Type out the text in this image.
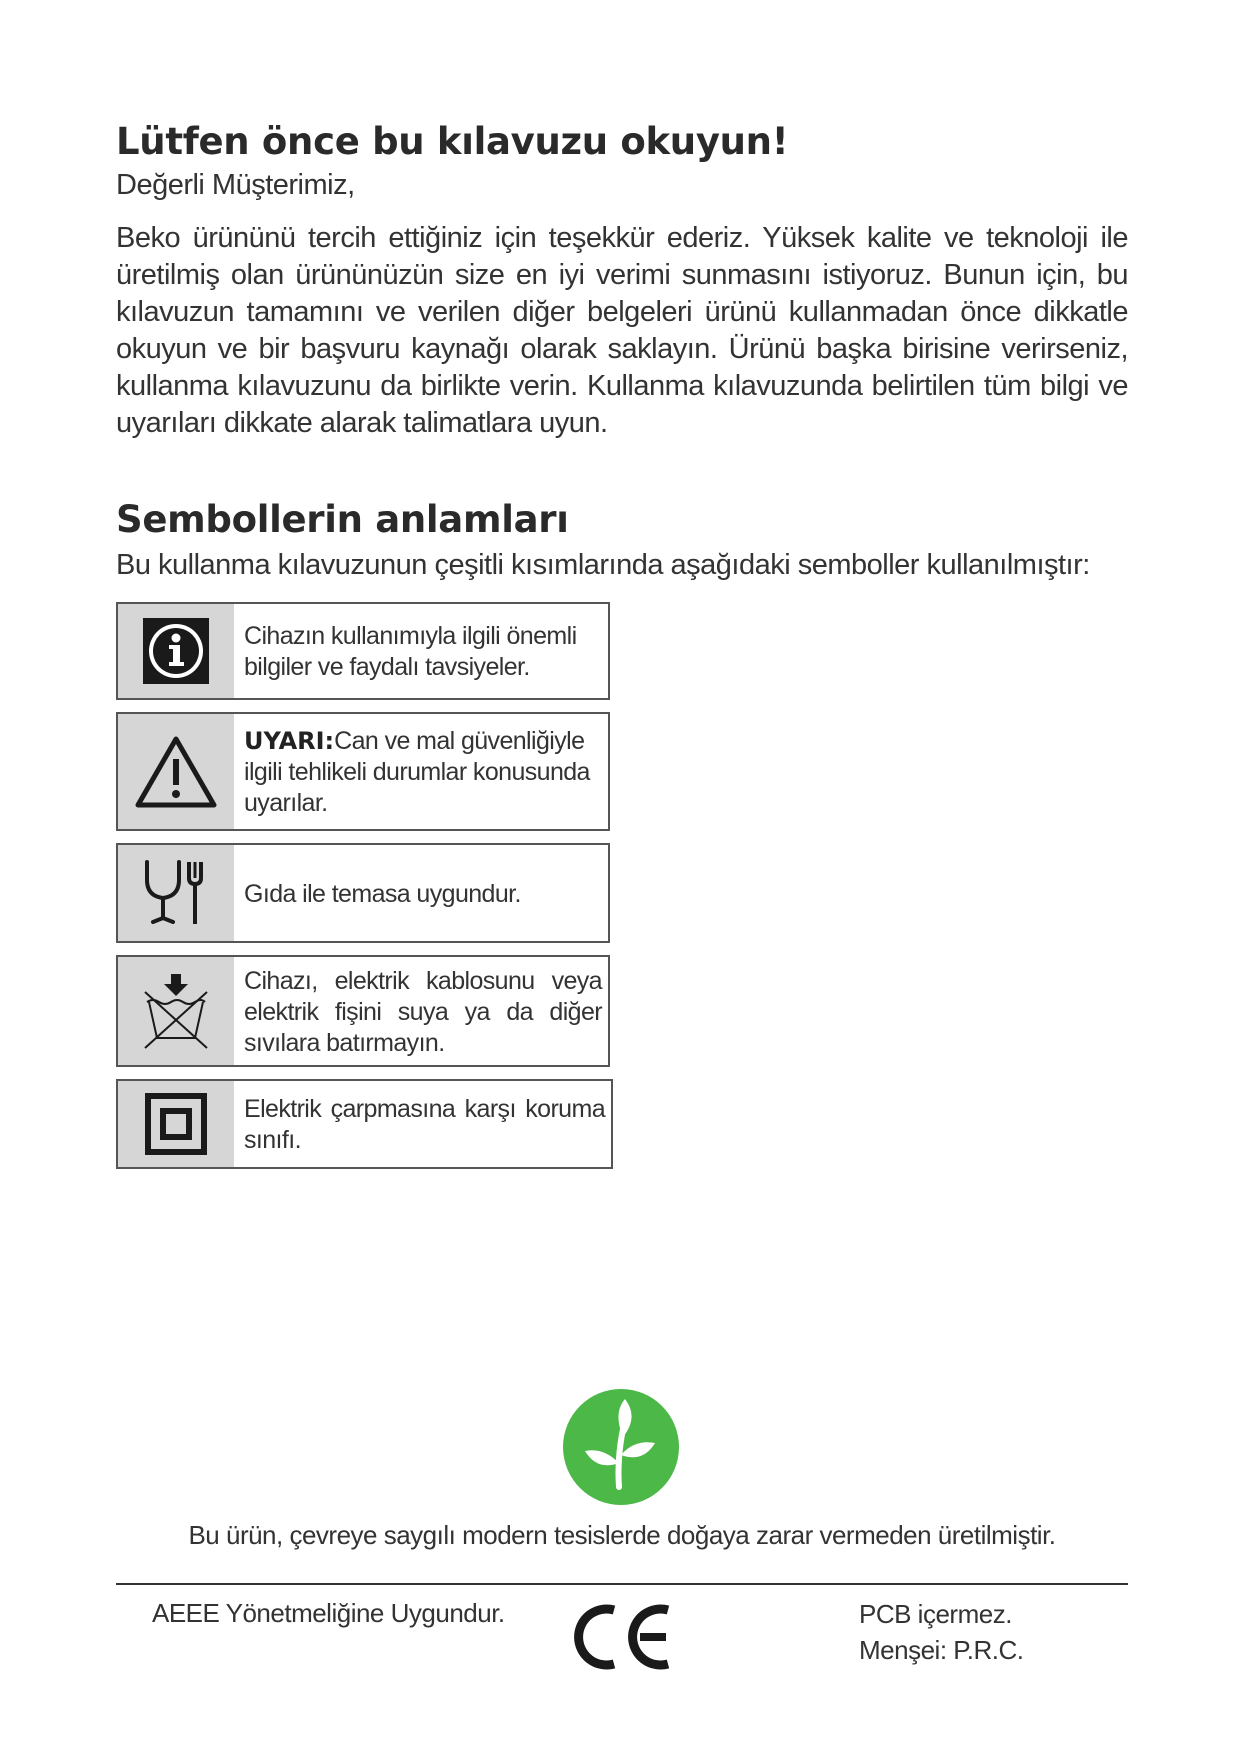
Lütfen önce bu kılavuzu okuyun!

Değerli Müşterimiz,

Beko ürününü tercih ettiğiniz için teşekkür ederiz. Yüksek kalite ve teknoloji ile üretilmiş olan ürününüzün size en iyi verimi sunmasını istiyoruz. Bunun için, bu kılavuzun tamamını ve verilen diğer belgeleri ürünü kullanmadan önce dikkatle okuyun ve bir başvuru kaynağı olarak saklayın. Ürünü başka birisine verirseniz, kullanma kılavuzunu da birlikte verin. Kullanma kılavuzunda belirtilen tüm bilgi ve uyarıları dikkate alarak talimatlara uyun.

Sembollerin anlamları

Bu kullanma kılavuzunun çeşitli kısımlarında aşağıdaki semboller kullanılmıştır:

Cihazın kullanımıyla ilgili önemli bilgiler ve faydalı tavsiyeler.
UYARI:Can ve mal güvenliğiyle ilgili tehlikeli durumlar konusunda uyarılar.
Gıda ile temasa uygundur.
Cihazı, elektrik kablosunu veya elektrik fişini suya ya da diğer sıvılara batırmayın.
Elektrik çarpmasına karşı koruma sınıfı.
Bu ürün, çevreye saygılı modern tesislerde doğaya zarar vermeden üretilmiştir.
AEEE Yönetmeliğine Uygundur.	PCB içermez.
Menşei: P.R.C.
